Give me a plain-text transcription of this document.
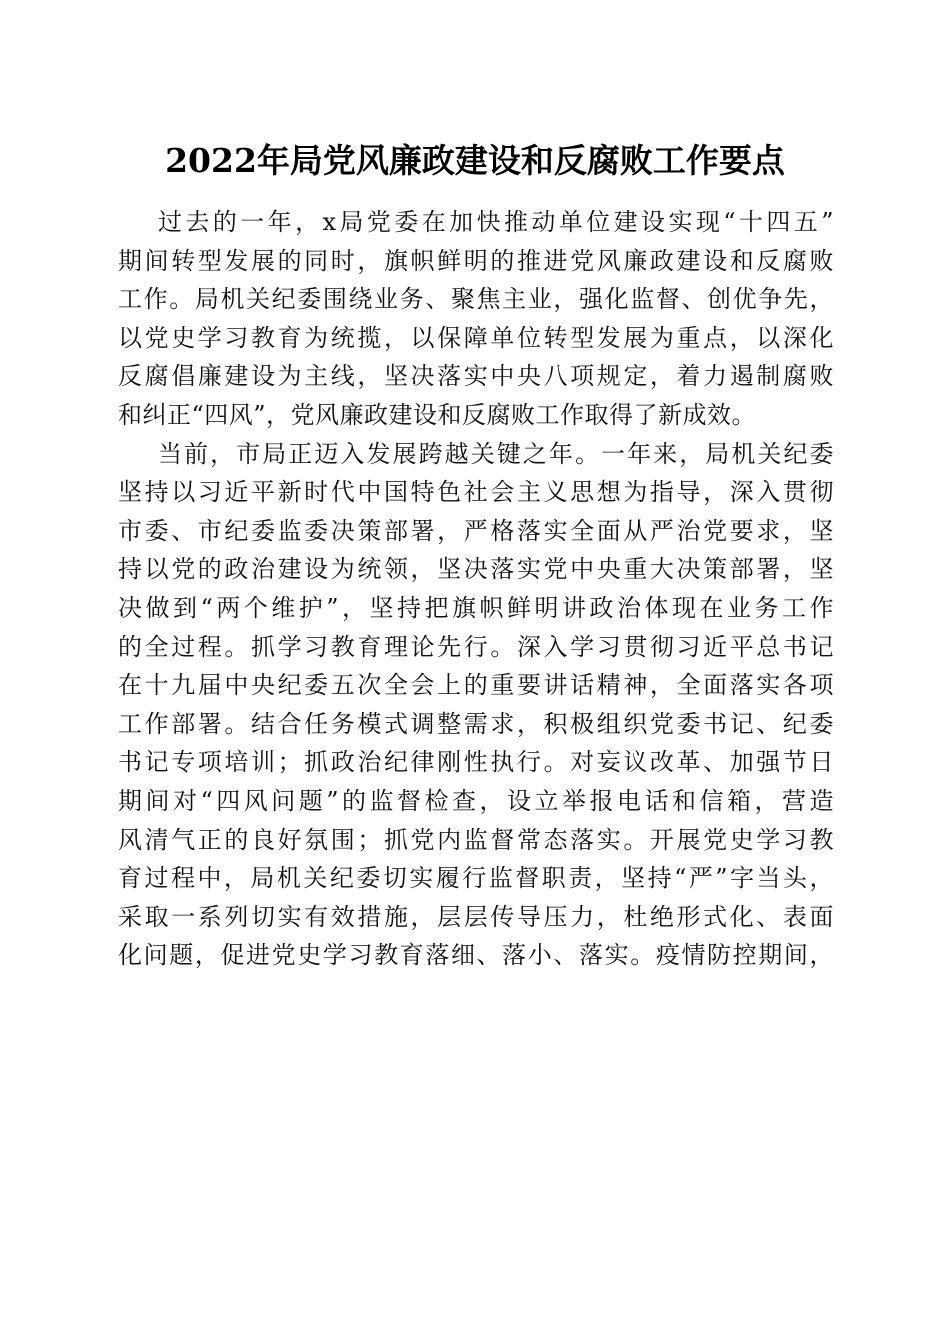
2022年局党风廉政建设和反腐败工作要点

过去的一年，x局党委在加快推动单位建设实现“十四五”
期间转型发展的同时，旗帜鲜明的推进党风廉政建设和反腐败
工作。局机关纪委围绕业务、聚焦主业，强化监督、创优争先，
以党史学习教育为统揽，以保障单位转型发展为重点，以深化
反腐倡廉建设为主线，坚决落实中央八项规定，着力遏制腐败
和纠正“四风”，党风廉政建设和反腐败工作取得了新成效。

当前，市局正迈入发展跨越关键之年。一年来，局机关纪委
坚持以习近平新时代中国特色社会主义思想为指导，深入贯彻
市委、市纪委监委决策部署，严格落实全面从严治党要求，坚
持以党的政治建设为统领，坚决落实党中央重大决策部署，坚
决做到“两个维护”，坚持把旗帜鲜明讲政治体现在业务工作
的全过程。抓学习教育理论先行。深入学习贯彻习近平总书记
在十九届中央纪委五次全会上的重要讲话精神，全面落实各项
工作部署。结合任务模式调整需求，积极组织党委书记、纪委
书记专项培训；抓政治纪律刚性执行。对妄议改革、加强节日
期间对“四风问题”的监督检查，设立举报电话和信箱，营造
风清气正的良好氛围；抓党内监督常态落实。开展党史学习教
育过程中，局机关纪委切实履行监督职责，坚持“严”字当头，
采取一系列切实有效措施，层层传导压力，杜绝形式化、表面
化问题，促进党史学习教育落细、落小、落实。疫情防控期间，
